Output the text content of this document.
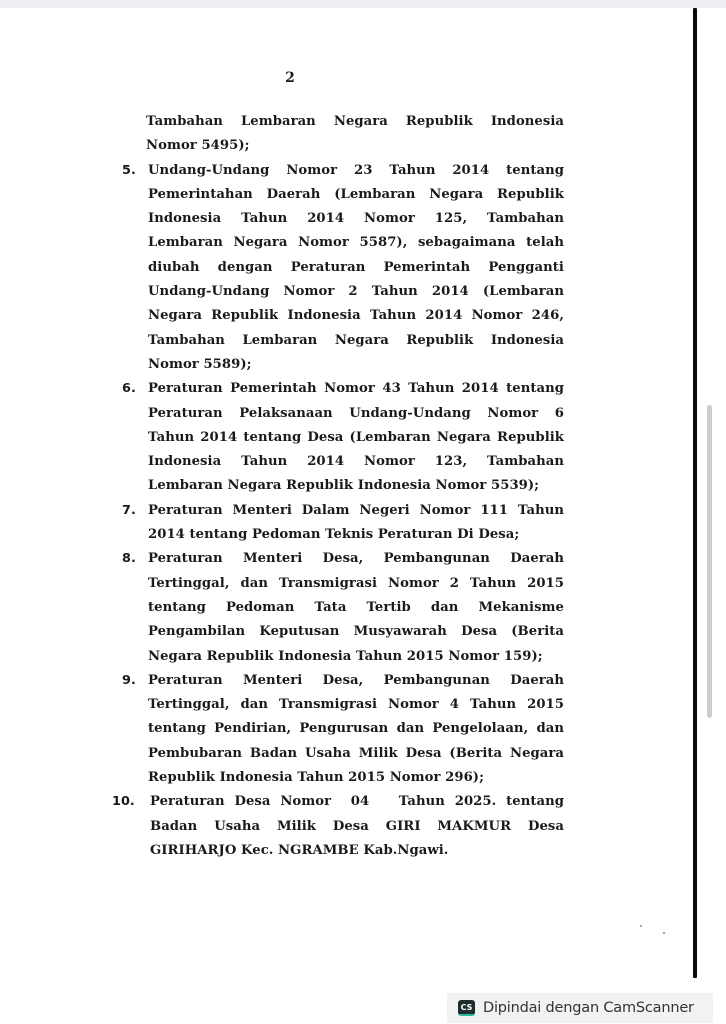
2

Tambahan Lembaran Negara Republik Indonesia Nomor 5495);

5. Undang-Undang Nomor 23 Tahun 2014 tentang Pemerintahan Daerah (Lembaran Negara Republik Indonesia Tahun 2014 Nomor 125, Tambahan Lembaran Negara Nomor 5587), sebagaimana telah diubah dengan Peraturan Pemerintah Pengganti Undang-Undang Nomor 2 Tahun 2014 (Lembaran Negara Republik Indonesia Tahun 2014 Nomor 246, Tambahan Lembaran Negara Republik Indonesia Nomor 5589);
6. Peraturan Pemerintah Nomor 43 Tahun 2014 tentang Peraturan Pelaksanaan Undang-Undang Nomor 6 Tahun 2014 tentang Desa (Lembaran Negara Republik Indonesia Tahun 2014 Nomor 123, Tambahan Lembaran Negara Republik Indonesia Nomor 5539);
7. Peraturan Menteri Dalam Negeri Nomor 111 Tahun 2014 tentang Pedoman Teknis Peraturan Di Desa;
8. Peraturan Menteri Desa, Pembangunan Daerah Tertinggal, dan Transmigrasi Nomor 2 Tahun 2015 tentang Pedoman Tata Tertib dan Mekanisme Pengambilan Keputusan Musyawarah Desa (Berita Negara Republik Indonesia Tahun 2015 Nomor 159);
9. Peraturan Menteri Desa, Pembangunan Daerah Tertinggal, dan Transmigrasi Nomor 4 Tahun 2015 tentang Pendirian, Pengurusan dan Pengelolaan, dan Pembubaran Badan Usaha Milik Desa (Berita Negara Republik Indonesia Tahun 2015 Nomor 296);
10.	Peraturan Desa Nomor  04   Tahun 2025. tentang Badan Usaha Milik Desa GIRI MAKMUR Desa GIRIHARJO Kec. NGRAMBE Kab.Ngawi.
CS Dipindai dengan CamScanner
